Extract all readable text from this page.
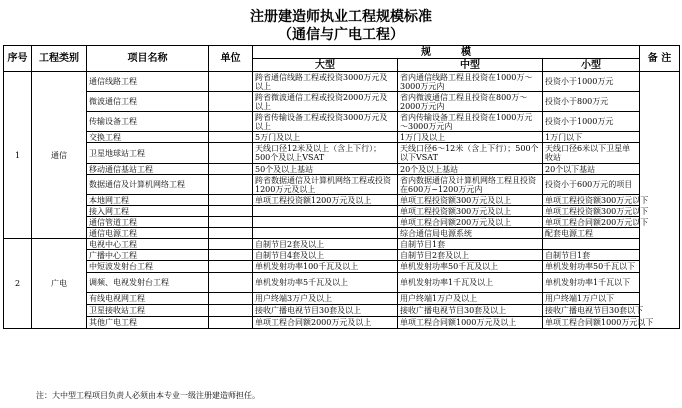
注册建造师执业工程规模标准
（通信与广电工程）
序号	工程类别	项目名称	单位	规　　　模			备 注
				大型	中型	小型	
1	通信	通信线路工程		跨省通信线路工程或投资3000万元及以上	省内通信线路工程且投资在1000万～3000万元内	投资小于1000万元	
		微波通信工程		跨省微波通信工程或投资2000万元及以上	省内微波通信工程且投资在800万～2000万元内	投资小于800万元	
		传输设备工程		跨省传输设备工程或投资3000万元及以上	省内传输设备工程且投资在1000万元～3000万元内	投资小于1000万元	
		交换工程		5万门及以上	1万门及以上	1万门以下	
		卫星地球站工程		天线口径12米及以上（含上下行）；500个及以上VSAT	天线口径6～12米（含上下行）；500个以下VSAT	天线口径6米以下卫星单收站	
		移动通信基站工程		50个及以上基站	20个及以上基站	20个以下基站	
		数据通信及计算机网络工程		跨省数据通信及计算机网络工程或投资1200万元及以上	省内数据通信及计算机网络工程且投资在600万~1200万元内	投资小于600万元的项目	
		本地网工程		单项工程投资额1200万元及以上	单项工程投资额300万元及以上	单项工程投资额300万元以下	
		接入网工程			单项工程投资额300万元及以上	单项工程投资额300万元以下	
		通信管道工程			单项工程合同额200万元及以上	单项工程合同额200万元以下	
		通信电源工程			综合通信局电源系统	配套电源工程	
2	广电	电视中心工程		自制节目2套及以上	自制节目1套		
		广播中心工程		自制节目4套及以上	自制节目2套及以上	自制节目1套	
		中短波发射台工程		单机发射功率100千瓦及以上	单机发射功率50千瓦及以上	单机发射功率50千瓦以下	
		调频、电视发射台工程		单机发射功率5千瓦及以上	单机发射功率1千瓦及以上	单机发射功率1千瓦以下	
		有线电视网工程		用户终端3万户及以上	用户终端1万户及以上	用户终端1万户以下	
		卫星接收站工程		接收广播电视节目30套及以上	接收广播电视节目30套及以上	接收广播电视节目30套以下	
		其他广电工程		单项工程合同额2000万元及以上	单项工程合同额1000万元及以上	单项工程合同额1000万元以下	
注：大中型工程项目负责人必须由本专业一级注册建造师担任。
